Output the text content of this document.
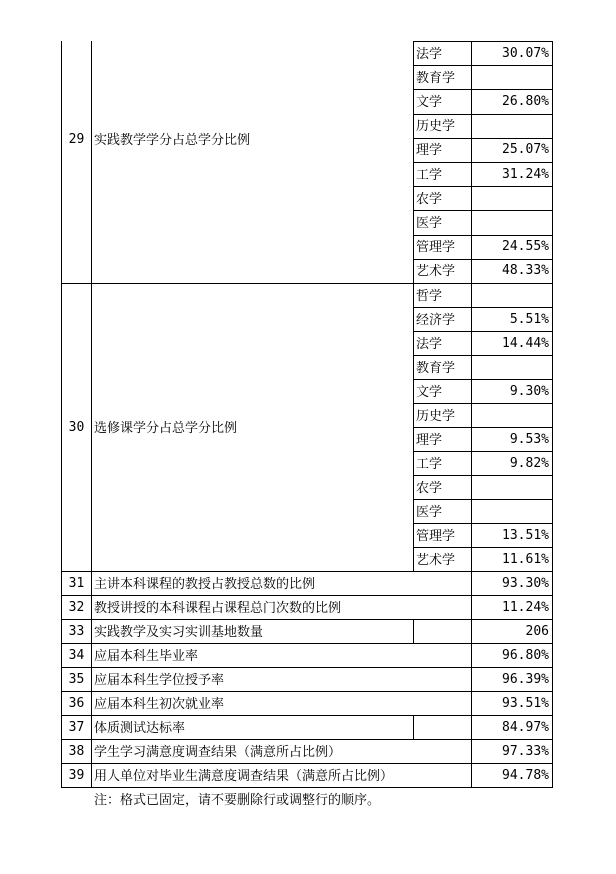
29 实践教学学分占总学分比例
法学	30.07%
教育学
文学	26.80%
历史学
理学	25.07%
工学	31.24%
农学
医学
管理学	24.55%
艺术学	48.33%
30 选修课学分占总学分比例
哲学
经济学	5.51%
法学	14.44%
教育学
文学	9.30%
历史学
理学	9.53%
工学	9.82%
农学
医学
管理学	13.51%
艺术学	11.61%
31 主讲本科课程的教授占教授总数的比例	93.30%
32 教授讲授的本科课程占课程总门次数的比例	11.24%
33 实践教学及实习实训基地数量	206
34 应届本科生毕业率	96.80%
35 应届本科生学位授予率	96.39%
36 应届本科生初次就业率	93.51%
37 体质测试达标率	84.97%
38 学生学习满意度调查结果（满意所占比例）	97.33%
39 用人单位对毕业生满意度调查结果（满意所占比例）	94.78%
注：格式已固定，请不要删除行或调整行的顺序。
